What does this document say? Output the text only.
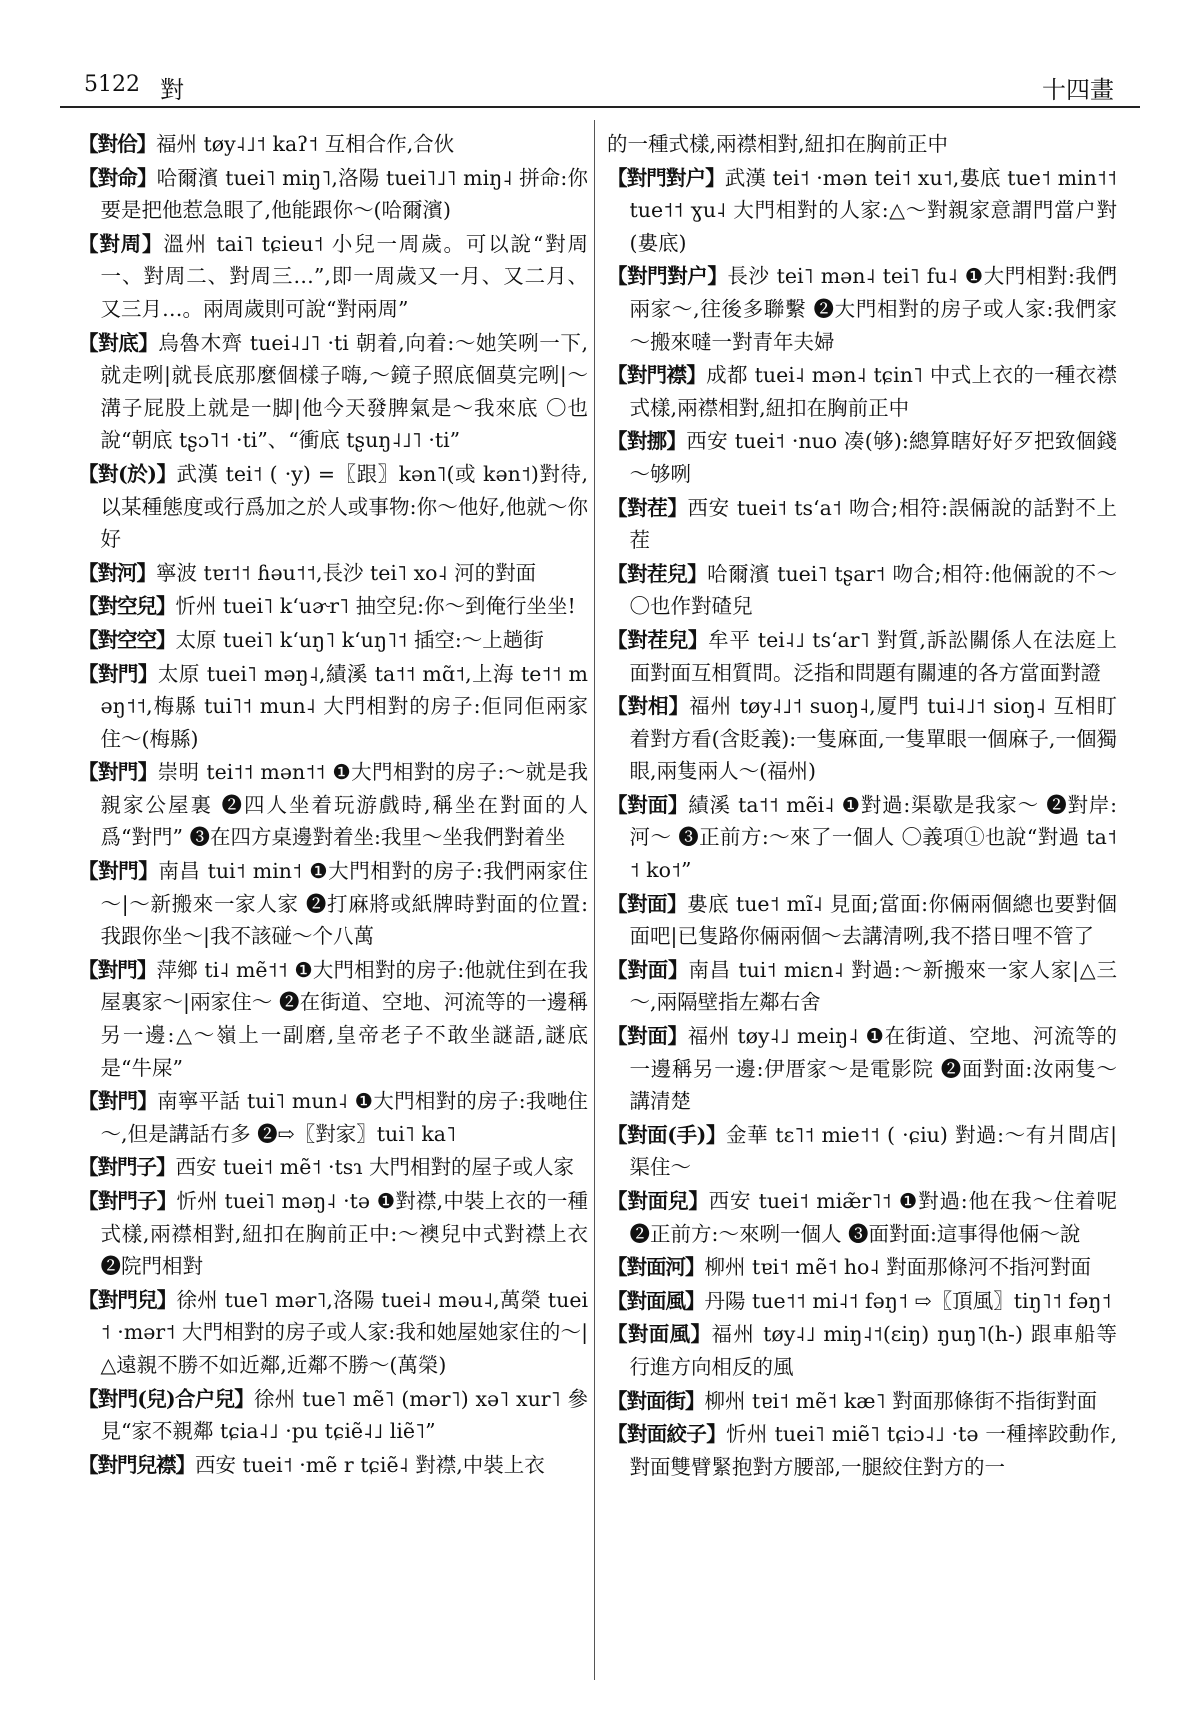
5122 對	十四畫

【對佮】福州 tøy˨˩˦ kaʔ˦ 互相合作,合伙

【對命】哈爾濱 tuei˥ miŋ˥,洛陽 tuei˥˩˥ miŋ˨ 拼命:你要是把他惹急眼了,他能跟你～(哈爾濱)

【對周】溫州 tai˥ tɕieu˦ 小兒一周歲。可以說“對周一、對周二、對周三…”,即一周歲又一月、又二月、又三月…。兩周歲則可說“對兩周”

【對底】烏魯木齊 tuei˨˩˥ ·ti 朝着,向着:～她笑咧一下,就走咧|就長底那麼個樣子嗨,～鏡子照底個莫完咧|～溝子屁股上就是一脚|他今天發脾氣是～我來底 〇也說“朝底 tʂɔ˥˦ ·ti”、“衝底 tʂuŋ˨˩˥ ·ti”

【對(於)】武漢 tei˦ ( ·y) =〖跟〗kən˥(或 kən˦)對待,以某種態度或行爲加之於人或事物:你～他好,他就～你好

【對河】寧波 tɐɪ˦˦ ɦəu˦˦,長沙 tei˥ xo˨ 河的對面

【對空兒】忻州 tuei˥ kʻuɚr˥ 抽空兒:你～到俺行坐坐!

【對空空】太原 tuei˥ kʻuŋ˥ kʻuŋ˥˦ 插空:～上趟街

【對門】太原 tuei˥ məŋ˨,績溪 ta˦˦ mɑ̃˦,上海 te˦˦ məŋ˦˦,梅縣 tui˥˦ mun˨ 大門相對的房子:佢同佢兩家住～(梅縣)

【對門】崇明 tei˦˦ mən˦˦ ❶大門相對的房子:～就是我親家公屋裏 ❷四人坐着玩游戲時,稱坐在對面的人爲“對門” ❸在四方桌邊對着坐:我里～坐我們對着坐

【對門】南昌 tui˦ min˦ ❶大門相對的房子:我們兩家住～|～新搬來一家人家 ❷打麻將或紙牌時對面的位置:我跟你坐～|我不該碰～个八萬

【對門】萍鄉 ti˨ mẽ˦˦ ❶大門相對的房子:他就住到在我屋裏家～|兩家住～ ❷在街道、空地、河流等的一邊稱另一邊:△～嶺上一副磨,皇帝老子不敢坐謎語,謎底是“牛屎”

【對門】南寧平話 tui˥ mun˨ ❶大門相對的房子:我哋住～,但是講話冇多 ❷⇨〖對家〗tui˥ ka˥

【對門子】西安 tuei˦ mẽ˦ ·tsɿ 大門相對的屋子或人家

【對門子】忻州 tuei˥ məŋ˨ ·tə ❶對襟,中裝上衣的一種式樣,兩襟相對,紐扣在胸前正中:～襖兒中式對襟上衣 ❷院門相對

【對門兒】徐州 tue˥ mər˥,洛陽 tuei˨ məu˨,萬榮 tuei˦ ·mər˦ 大門相對的房子或人家:我和她屋她家住的～|△遠親不勝不如近鄰,近鄰不勝～(萬榮)

【對門(兒)合户兒】徐州 tue˥ mẽ˥ (mər˥) xə˥ xur˥ 參見“家不親鄰 tɕia˨˩ ·pu tɕiẽ˨˩ liẽ˥”

【對門兒襟】西安 tuei˦ ·mẽ r tɕiẽ˨ 對襟,中裝上衣

的一種式樣,兩襟相對,紐扣在胸前正中

【對門對户】武漢 tei˦ ·mən tei˦ xu˦,婁底 tue˦ min˦˦ tue˦˦ ɣu˨ 大門相對的人家:△～對親家意謂門當户對(婁底)

【對門對户】長沙 tei˥ mən˨ tei˥ fu˨ ❶大門相對:我們兩家～,往後多聯繫 ❷大門相對的房子或人家:我們家～搬來噠一對青年夫婦

【對門襟】成都 tuei˨ mən˨ tɕin˥ 中式上衣的一種衣襟式樣,兩襟相對,紐扣在胸前正中

【對挪】西安 tuei˦ ·nuo 凑(够):總算瞎好好歹把致個錢～够咧

【對茬】西安 tuei˦ tsʻa˦ 吻合;相符:誤倆說的話對不上茬

【對茬兒】哈爾濱 tuei˥ tʂar˦ 吻合;相符:他倆說的不～ 〇也作對碴兒

【對茬兒】牟平 tei˨˩ tsʻar˥ 對質,訴訟關係人在法庭上面對面互相質問。泛指和問題有關連的各方當面對證

【對相】福州 tøy˨˩˦ suoŋ˨,厦門 tui˨˩˦ sioŋ˨ 互相盯着對方看(含貶義):一隻麻面,一隻單眼一個麻子,一個獨眼,兩隻兩人～(福州)

【對面】績溪 ta˦˦ mẽi˨ ❶對過:渠歇是我家～ ❷對岸:河～ ❸正前方:～來了一個人 〇義項①也說“對過 ta˦˦ ko˦”

【對面】婁底 tue˦ mĩ˨ 見面;當面:你倆兩個總也要對個面吧|已隻路你倆兩個～去講清咧,我不搭日哩不管了

【對面】南昌 tui˦ miɛn˨ 對過:～新搬來一家人家|△三～,兩隔壁指左鄰右舍

【對面】福州 tøy˨˩ meiŋ˨ ❶在街道、空地、河流等的一邊稱另一邊:伊厝家～是電影院 ❷面對面:汝兩隻～講清楚

【對面(手)】金華 tɛ˥˦ mie˦˦ ( ·ɕiu) 對過:～有爿間店|渠住～

【對面兒】西安 tuei˦ miæ̃r˥˦ ❶對過:他在我～住着呢 ❷正前方:～來咧一個人 ❸面對面:這事得他倆～說

【對面河】柳州 tɐi˦ mẽ˦ ho˨ 對面那條河不指河對面

【對面風】丹陽 tue˦˦ mi˨˦ fəŋ˦ ⇨〖頂風〗tiŋ˥˦ fəŋ˦

【對面風】福州 tøy˨˩ miŋ˨˦(ɛiŋ) ŋuŋ˥(h-) 跟車船等行進方向相反的風

【對面街】柳州 tɐi˦ mẽ˦ kæ˥ 對面那條街不指街對面

【對面絞子】忻州 tuei˥ miẽ˥ tɕiɔ˨˩ ·tə 一種摔跤動作,對面雙臂緊抱對方腰部,一腿絞住對方的一
